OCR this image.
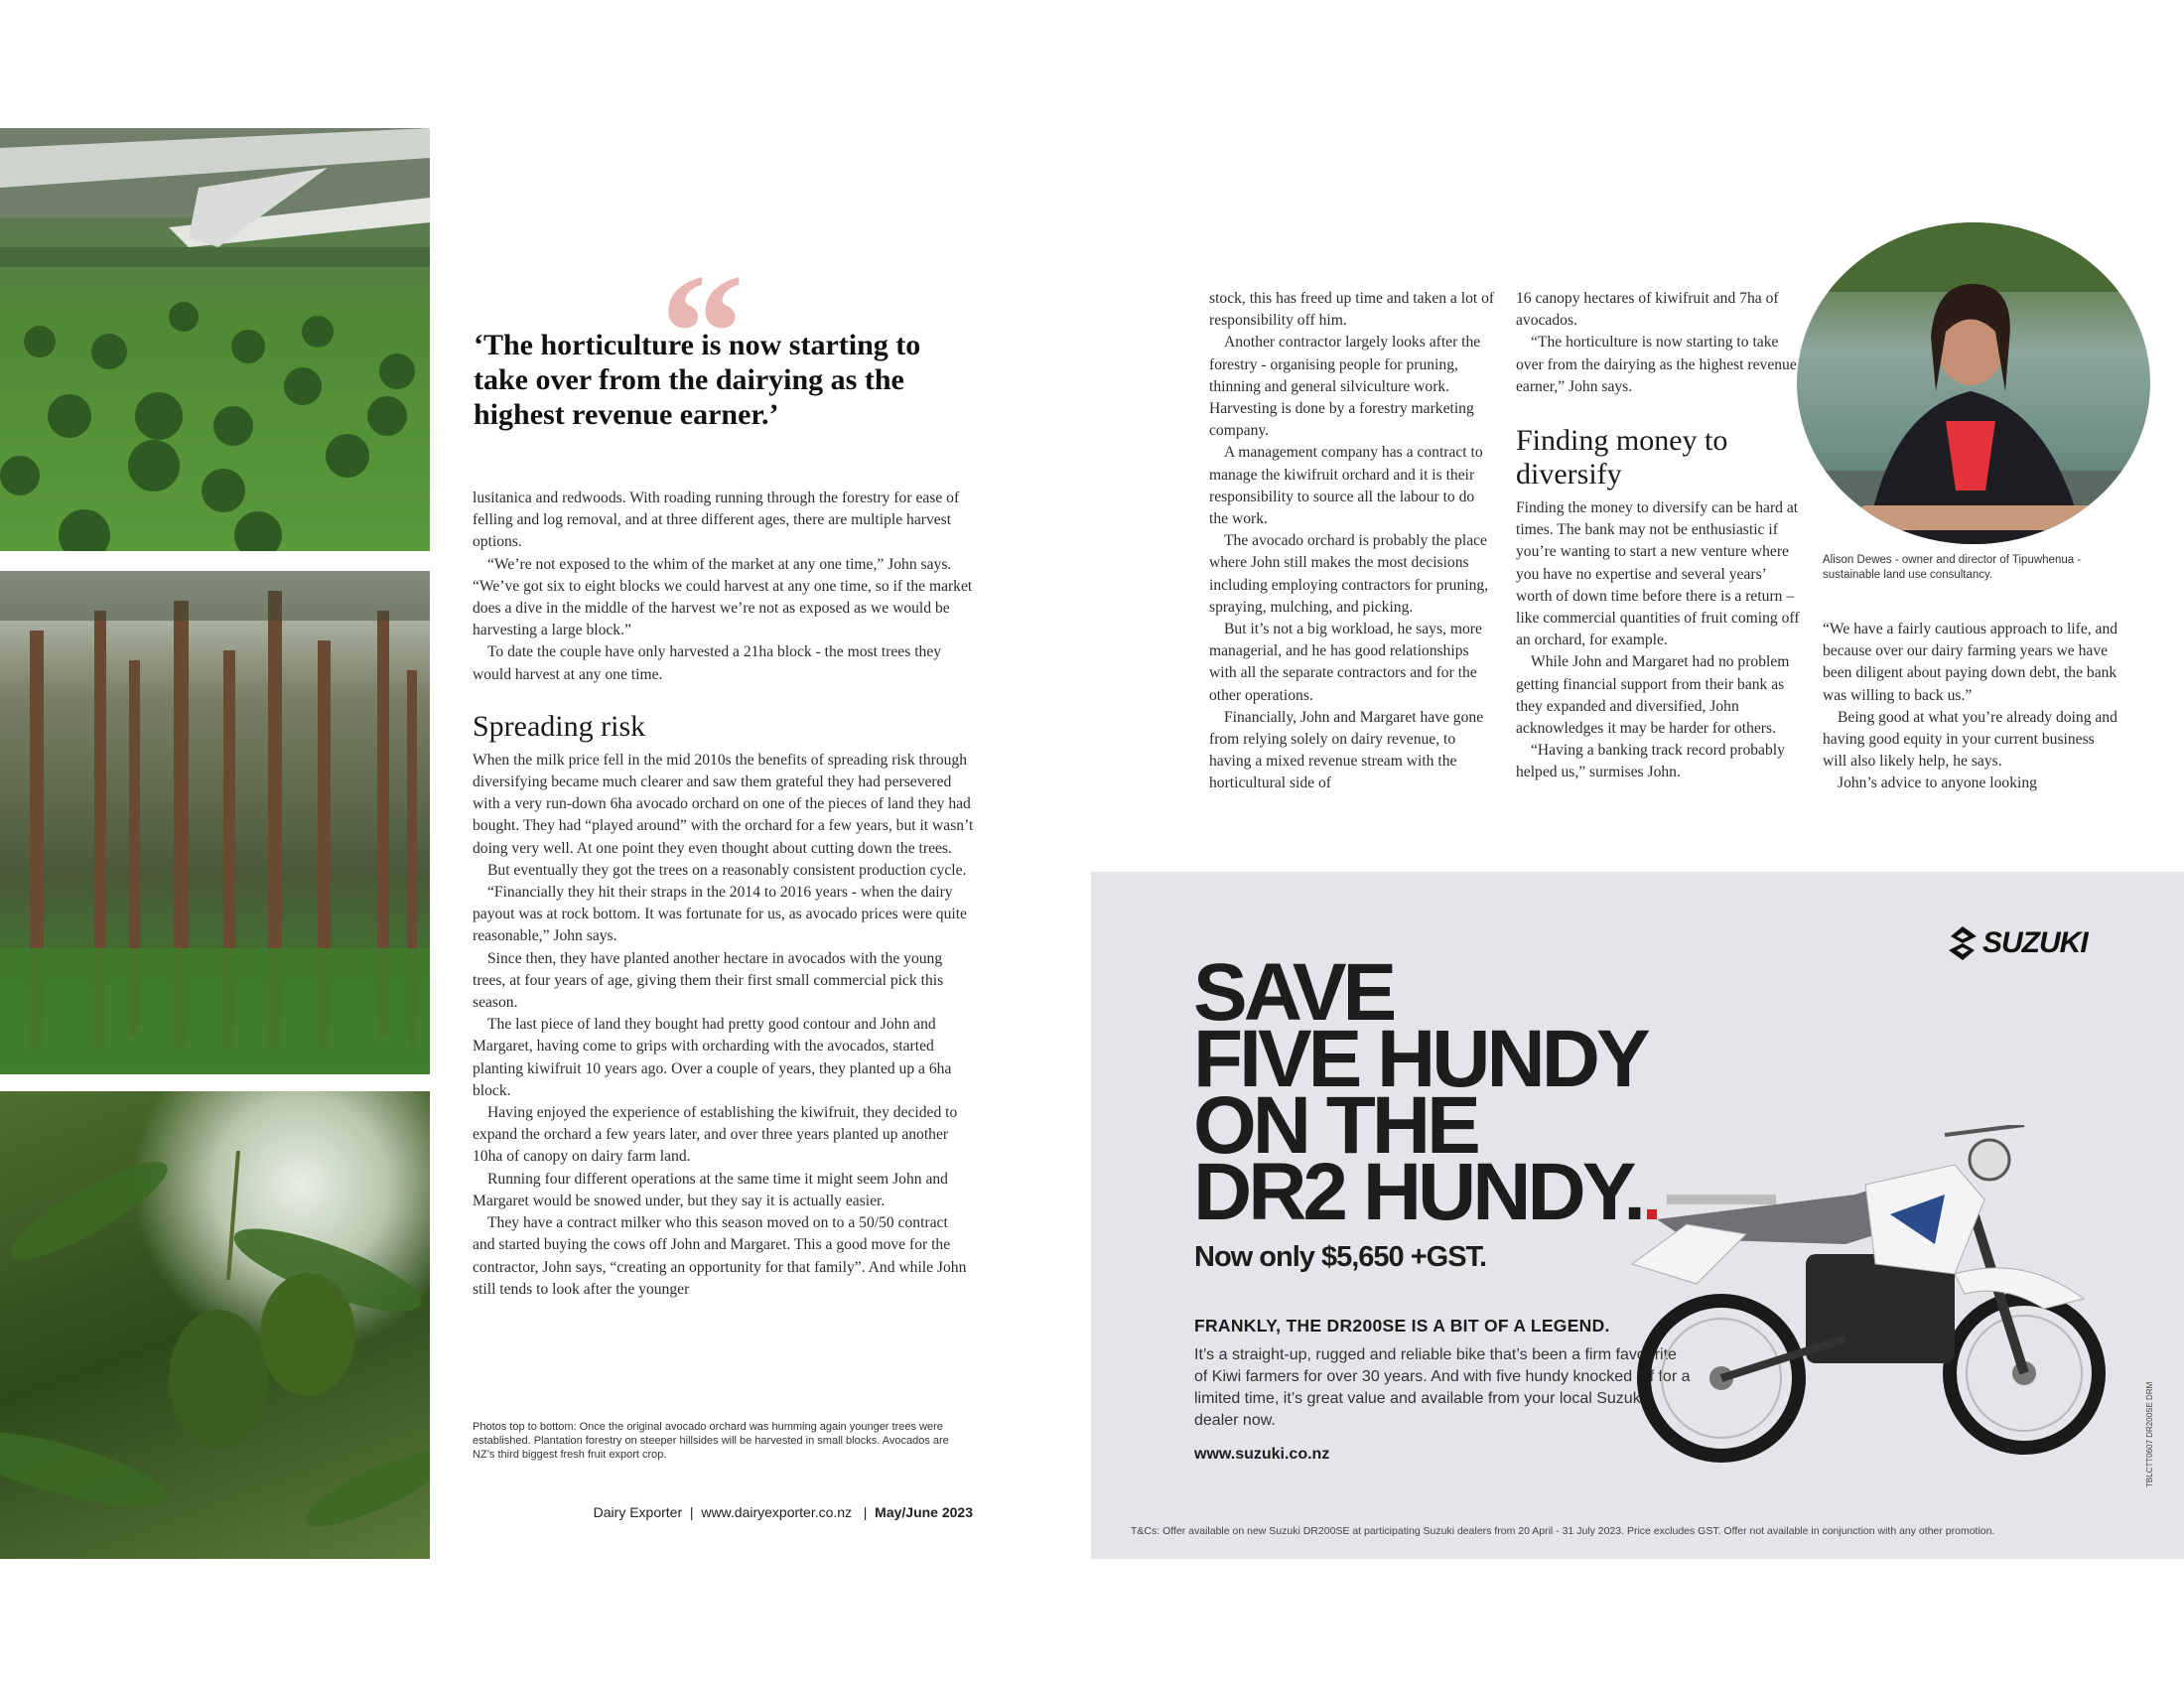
“
‘The horticulture is now starting to take over from the dairying as the highest revenue earner.’

lusitanica and redwoods. With roading running through the forestry for ease of felling and log removal, and at three different ages, there are multiple harvest options.

“We’re not exposed to the whim of the market at any one time,” John says. “We’ve got six to eight blocks we could harvest at any one time, so if the market does a dive in the middle of the harvest we’re not as exposed as we would be harvesting a large block.”

To date the couple have only harvested a 21ha block - the most trees they would harvest at any one time.

Spreading risk

When the milk price fell in the mid 2010s the benefits of spreading risk through diversifying became much clearer and saw them grateful they had persevered with a very run-down 6ha avocado orchard on one of the pieces of land they had bought. They had “played around” with the orchard for a few years, but it wasn’t doing very well. At one point they even thought about cutting down the trees.

But eventually they got the trees on a reasonably consistent production cycle.

“Financially they hit their straps in the 2014 to 2016 years - when the dairy payout was at rock bottom. It was fortunate for us, as avocado prices were quite reasonable,” John says.

Since then, they have planted another hectare in avocados with the young trees, at four years of age, giving them their first small commercial pick this season.

The last piece of land they bought had pretty good contour and John and Margaret, having come to grips with orcharding with the avocados, started planting kiwifruit 10 years ago. Over a couple of years, they planted up a 6ha block.

Having enjoyed the experience of establishing the kiwifruit, they decided to expand the orchard a few years later, and over three years planted up another 10ha of canopy on dairy farm land.

Running four different operations at the same time it might seem John and Margaret would be snowed under, but they say it is actually easier.

They have a contract milker who this season moved on to a 50/50 contract and started buying the cows off John and Margaret. This a good move for the contractor, John says, “creating an opportunity for that family”. And while John still tends to look after the younger

Photos top to bottom: Once the original avocado orchard was humming again younger trees were established. Plantation forestry on steeper hillsides will be harvested in small blocks. Avocados are NZ’s third biggest fresh fruit export crop.
Dairy Exporter | www.dairyexporter.co.nz | May/June 2023

stock, this has freed up time and taken a lot of responsibility off him.

Another contractor largely looks after the forestry - organising people for pruning, thinning and general silviculture work. Harvesting is done by a forestry marketing company.

A management company has a contract to manage the kiwifruit orchard and it is their responsibility to source all the labour to do the work.

The avocado orchard is probably the place where John still makes the most decisions including employing contractors for pruning, spraying, mulching, and picking.

But it’s not a big workload, he says, more managerial, and he has good relationships with all the separate contractors and for the other operations.

Financially, John and Margaret have gone from relying solely on dairy revenue, to having a mixed revenue stream with the horticultural side of

16 canopy hectares of kiwifruit and 7ha of avocados.

“The horticulture is now starting to take over from the dairying as the highest revenue earner,” John says.

Finding money to diversify

Finding the money to diversify can be hard at times. The bank may not be enthusiastic if you’re wanting to start a new venture where you have no expertise and several years’ worth of down time before there is a return – like commercial quantities of fruit coming off an orchard, for example.

While John and Margaret had no problem getting financial support from their bank as they expanded and diversified, John acknowledges it may be harder for others.

“Having a banking track record probably helped us,” surmises John.

Alison Dewes - owner and director of Tipuwhenua - sustainable land use consultancy.

“We have a fairly cautious approach to life, and because over our dairy farming years we have been diligent about paying down debt, the bank was willing to back us.”

Being good at what you’re already doing and having good equity in your current business will also likely help, he says.

John’s advice to anyone looking

SUZUKI
SAVE
FIVE HUNDY
ON THE
DR2 HUNDY.
Now only $5,650 +GST.
FRANKLY, THE DR200SE IS A BIT OF A LEGEND.
It’s a straight-up, rugged and reliable bike that’s been a firm favourite of Kiwi farmers for over 30 years. And with five hundy knocked off for a limited time, it’s great value and available from your local Suzuki dealer now.
www.suzuki.co.nz
T&Cs: Offer available on new Suzuki DR200SE at participating Suzuki dealers from 20 April - 31 July 2023. Price excludes GST. Offer not available in conjunction with any other promotion.
TBLCTT0607 DR200SE DRM
